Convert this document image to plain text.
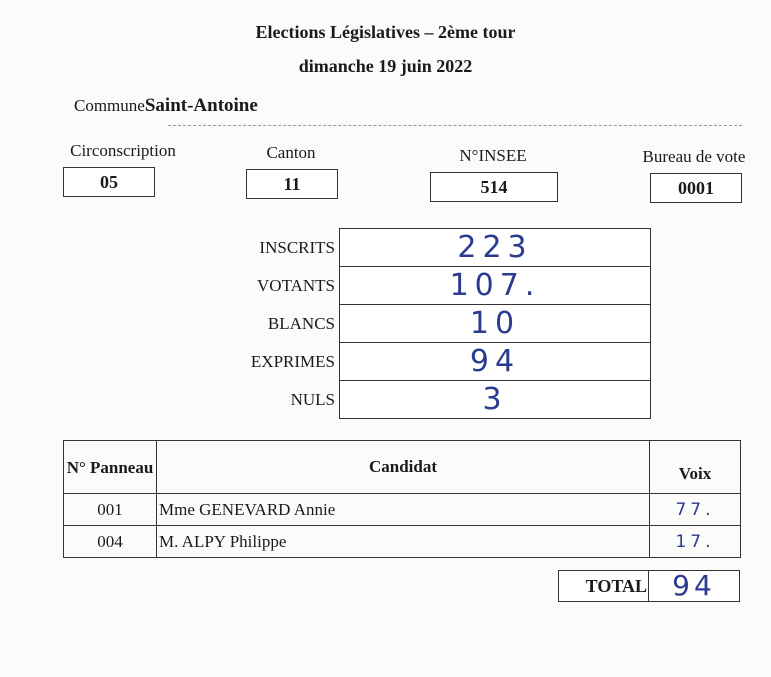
Elections Législatives – 2ème tour
dimanche 19 juin 2022
CommuneSaint-Antoine
Circonscription
05
Canton
11
N°INSEE
514
Bureau de vote
0001
INSCRITS	223
VOTANTS	107.
BLANCS	10
EXPRIMES	94
NULS	3
N° Panneau	Candidat	Voix
001	Mme GENEVARD Annie	77.
004	M. ALPY Philippe	17.
TOTAL 94
